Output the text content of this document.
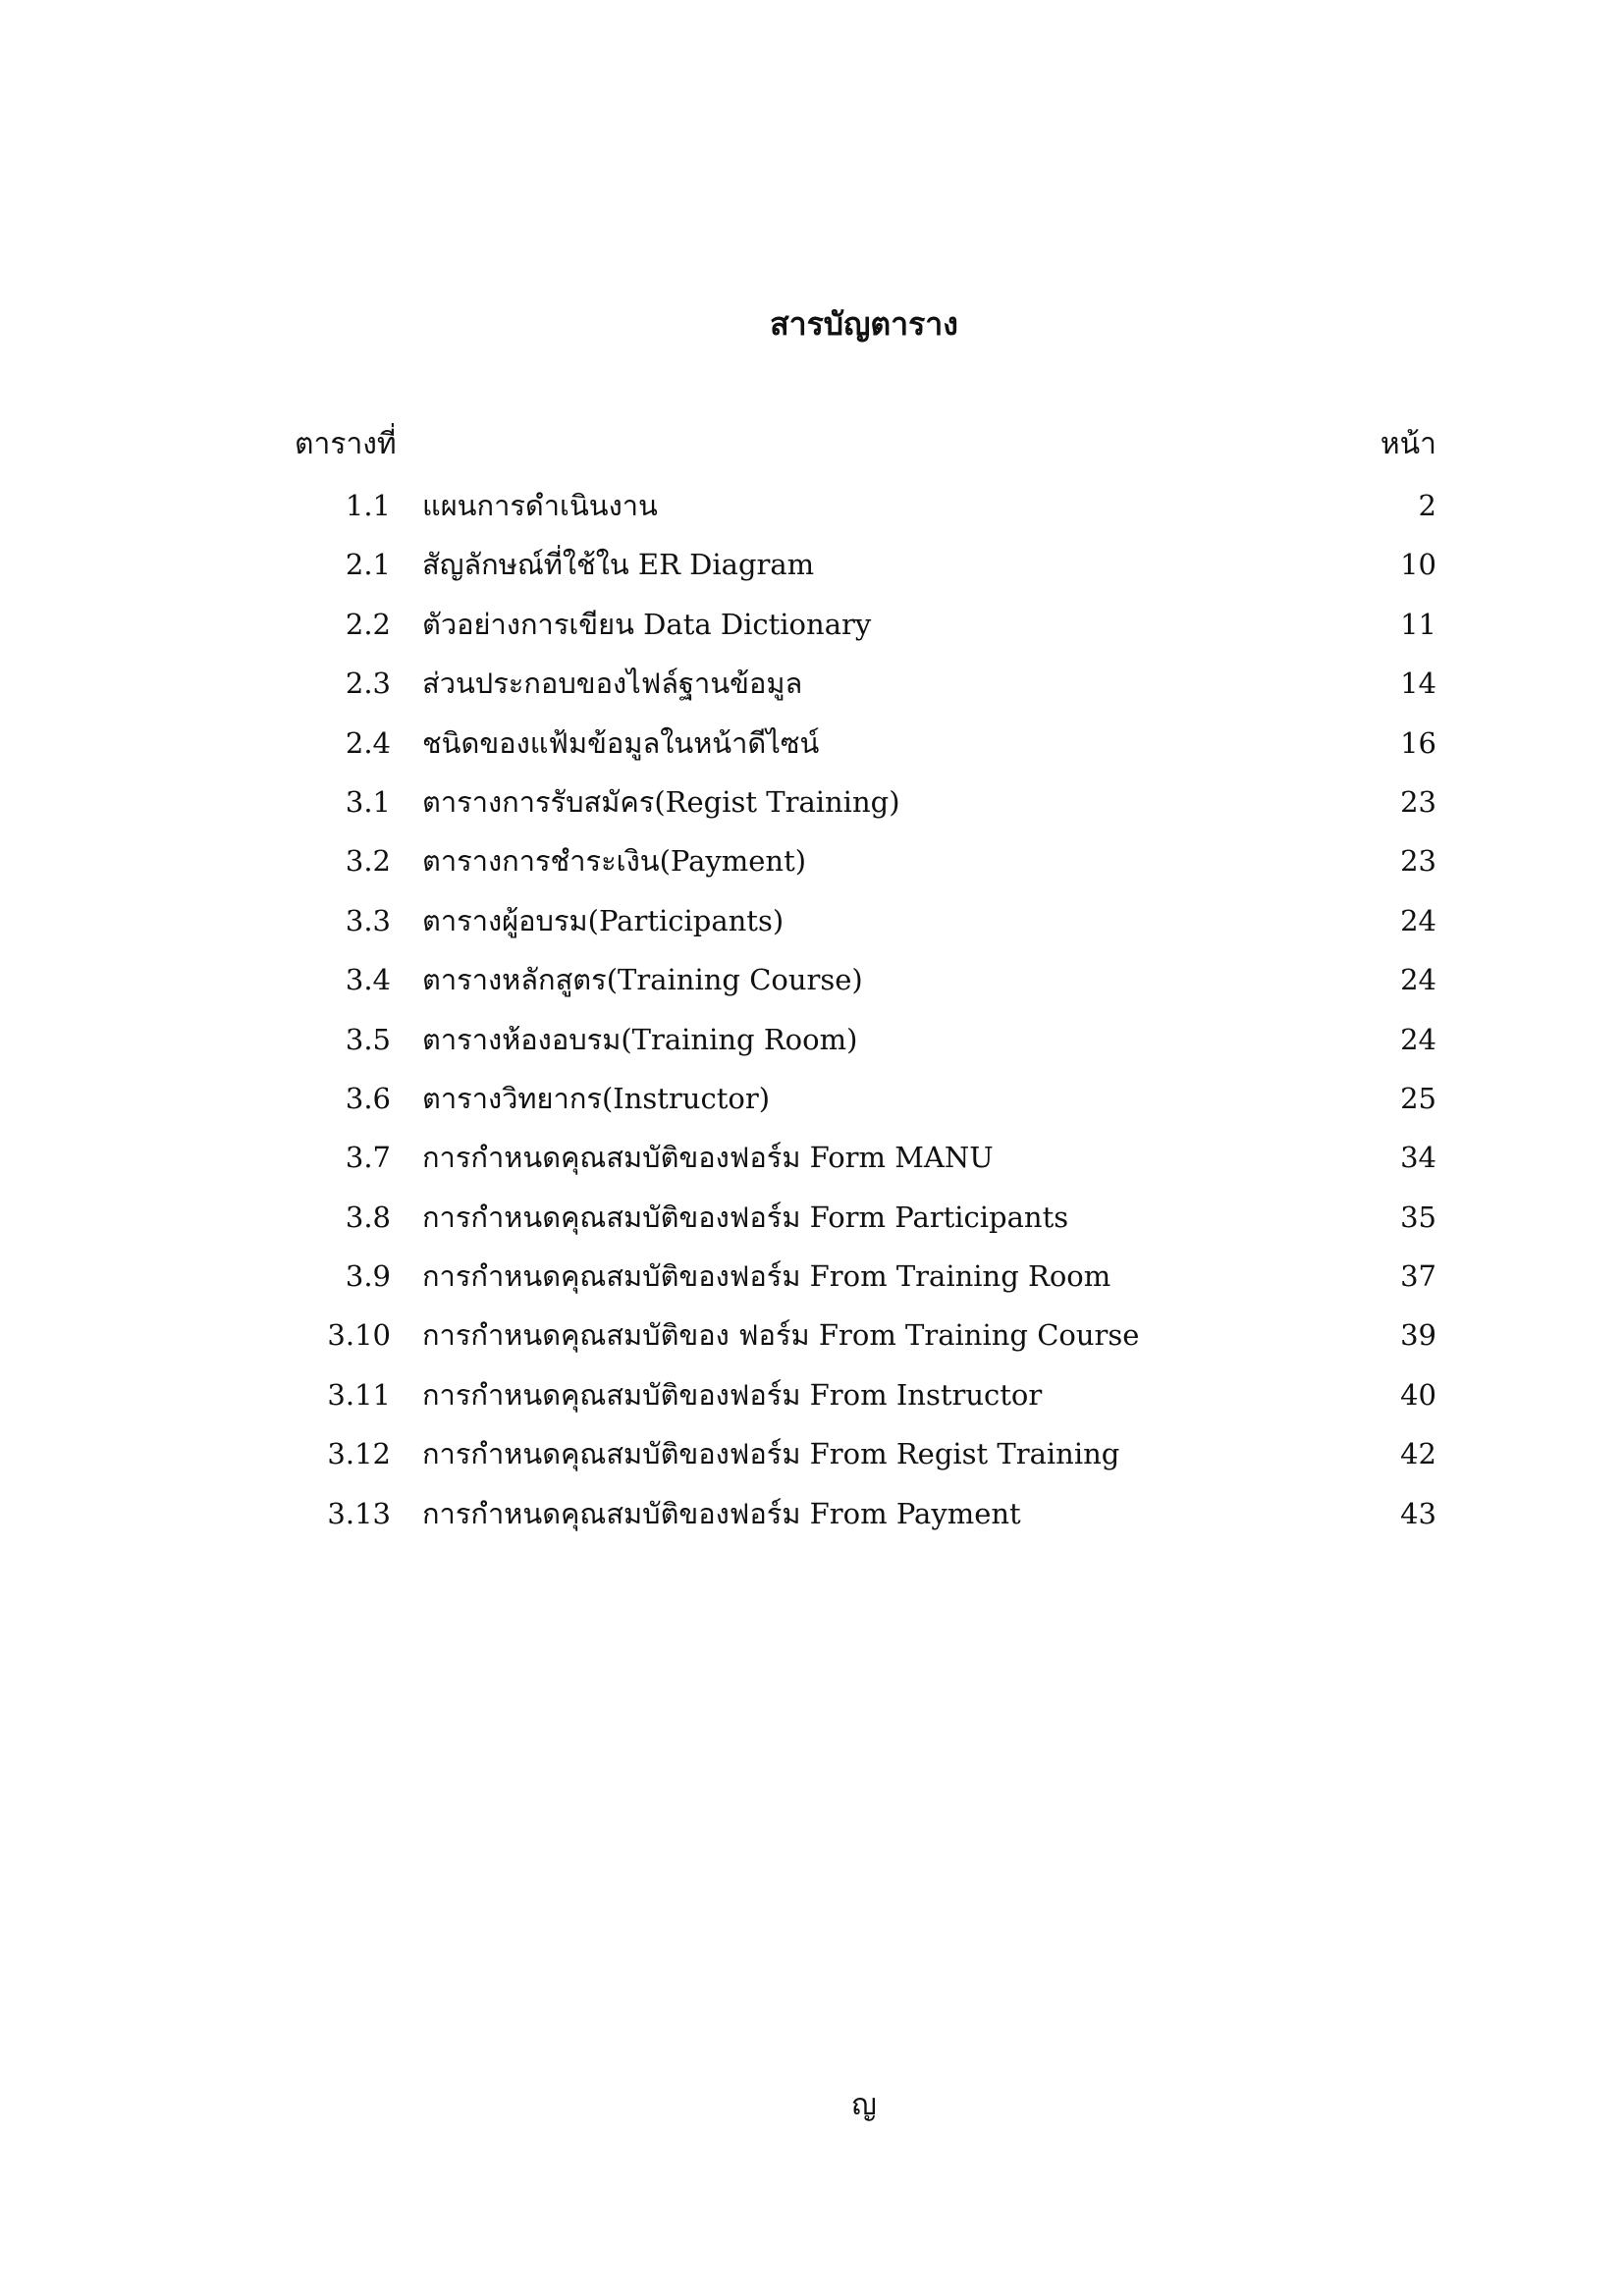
สารบัญตาราง
ตารางที่	หน้า
1.1 แผนการดำเนินงาน	2
2.1 สัญลักษณ์ที่ใช้ใน ER Diagram	10
2.2 ตัวอย่างการเขียน Data Dictionary	11
2.3 ส่วนประกอบของไฟล์ฐานข้อมูล	14
2.4 ชนิดของแฟ้มข้อมูลในหน้าดีไซน์	16
3.1 ตารางการรับสมัคร(Regist Training)	23
3.2 ตารางการชำระเงิน(Payment)	23
3.3 ตารางผู้อบรม(Participants)	24
3.4 ตารางหลักสูตร(Training Course)	24
3.5 ตารางห้องอบรม(Training Room)	24
3.6 ตารางวิทยากร(Instructor)	25
3.7 การกำหนดคุณสมบัติของฟอร์ม Form MANU	34
3.8 การกำหนดคุณสมบัติของฟอร์ม Form Participants	35
3.9 การกำหนดคุณสมบัติของฟอร์ม From Training Room	37
3.10 การกำหนดคุณสมบัติของ ฟอร์ม From Training Course	39
3.11 การกำหนดคุณสมบัติของฟอร์ม From Instructor	40
3.12 การกำหนดคุณสมบัติของฟอร์ม From Regist Training	42
3.13 การกำหนดคุณสมบัติของฟอร์ม From Payment	43
ญ
